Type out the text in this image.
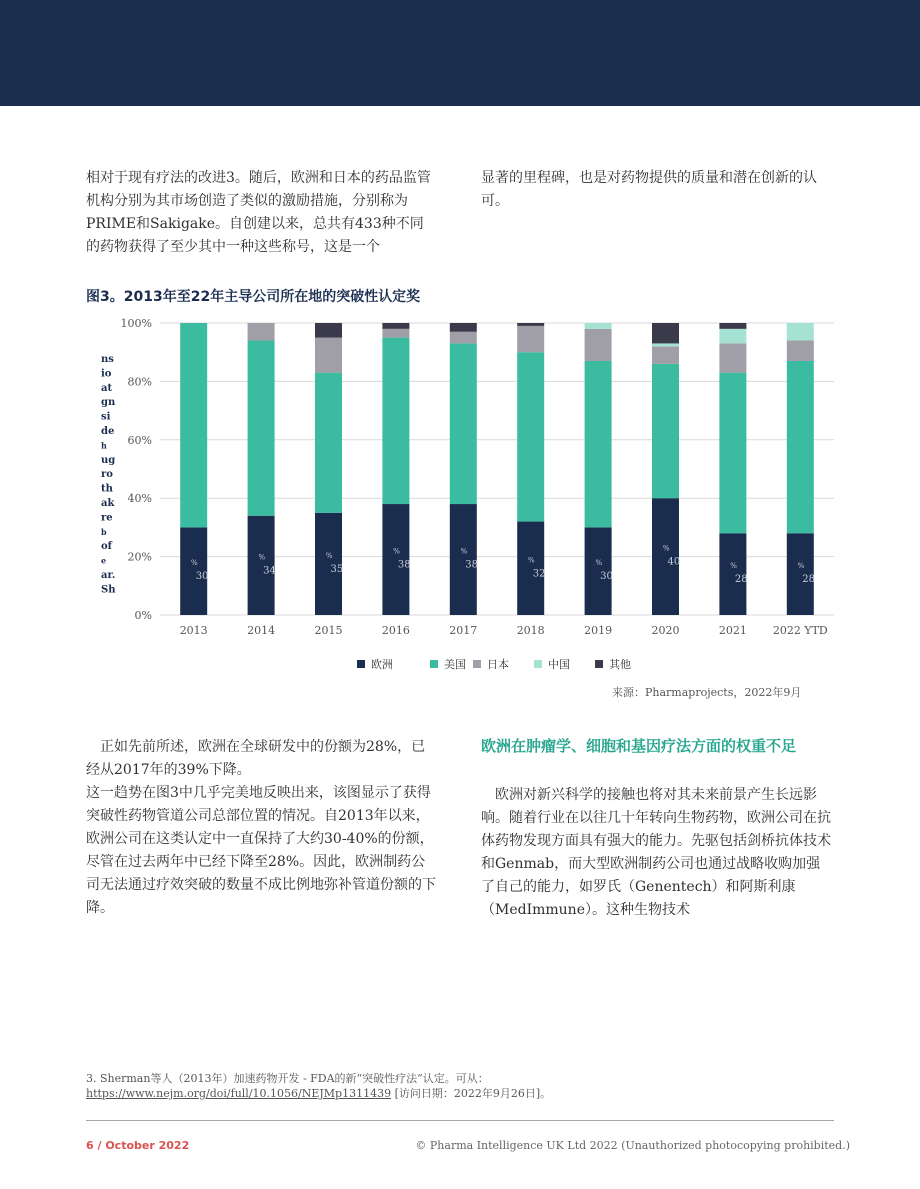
相对于现有疗法的改进3。随后，欧洲和日本的药品监管机构分别为其市场创造了类似的激励措施，分别称为PRIME和Sakigake。自创建以来，总共有433种不同的药物获得了至少其中一种这些称号，这是一个

显著的里程碑，也是对药物提供的质量和潜在创新的认可。

图3。2013年至22年主导公司所在地的突破性认定奖
0%
20%
40%
60%
80%
100%
ns
io
at
gn
si
de
h
ug
ro
th
ak
re
b
of
e
ar.
Sh
2013
%
30
2014
%
34
2015
%
35
2016
%
38
2017
%
38
2018
%
32
2019
%
30
2020
%
40
2021
%
28
2022 YTD
%
28
欧洲	美国 日本	中国	其他
来源：Pharmaprojects，2022年9月

正如先前所述，欧洲在全球研发中的份额为28%，已经从2017年的39%下降。

这一趋势在图3中几乎完美地反映出来，该图显示了获得突破性药物管道公司总部位置的情况。自2013年以来，欧洲公司在这类认定中一直保持了大约30-40%的份额，尽管在过去两年中已经下降至28%。因此，欧洲制药公司无法通过疗效突破的数量不成比例地弥补管道份额的下降。

欧洲在肿瘤学、细胞和基因疗法方面的权重不足

欧洲对新兴科学的接触也将对其未来前景产生长远影响。随着行业在以往几十年转向生物药物，欧洲公司在抗体药物发现方面具有强大的能力。先驱包括剑桥抗体技术和Genmab，而大型欧洲制药公司也通过战略收购加强了自己的能力，如罗氏（Genentech）和阿斯利康（MedImmune）。这种生物技术

3. Sherman等人（2013年）加速药物开发 - FDA的新“突破性疗法”认定。可从：
https://www.nejm.org/doi/full/10.1056/NEJMp1311439 [访问日期：2022年9月26日]。

6 / October 2022	© Pharma Intelligence UK Ltd 2022 (Unauthorized photocopying prohibited.)
